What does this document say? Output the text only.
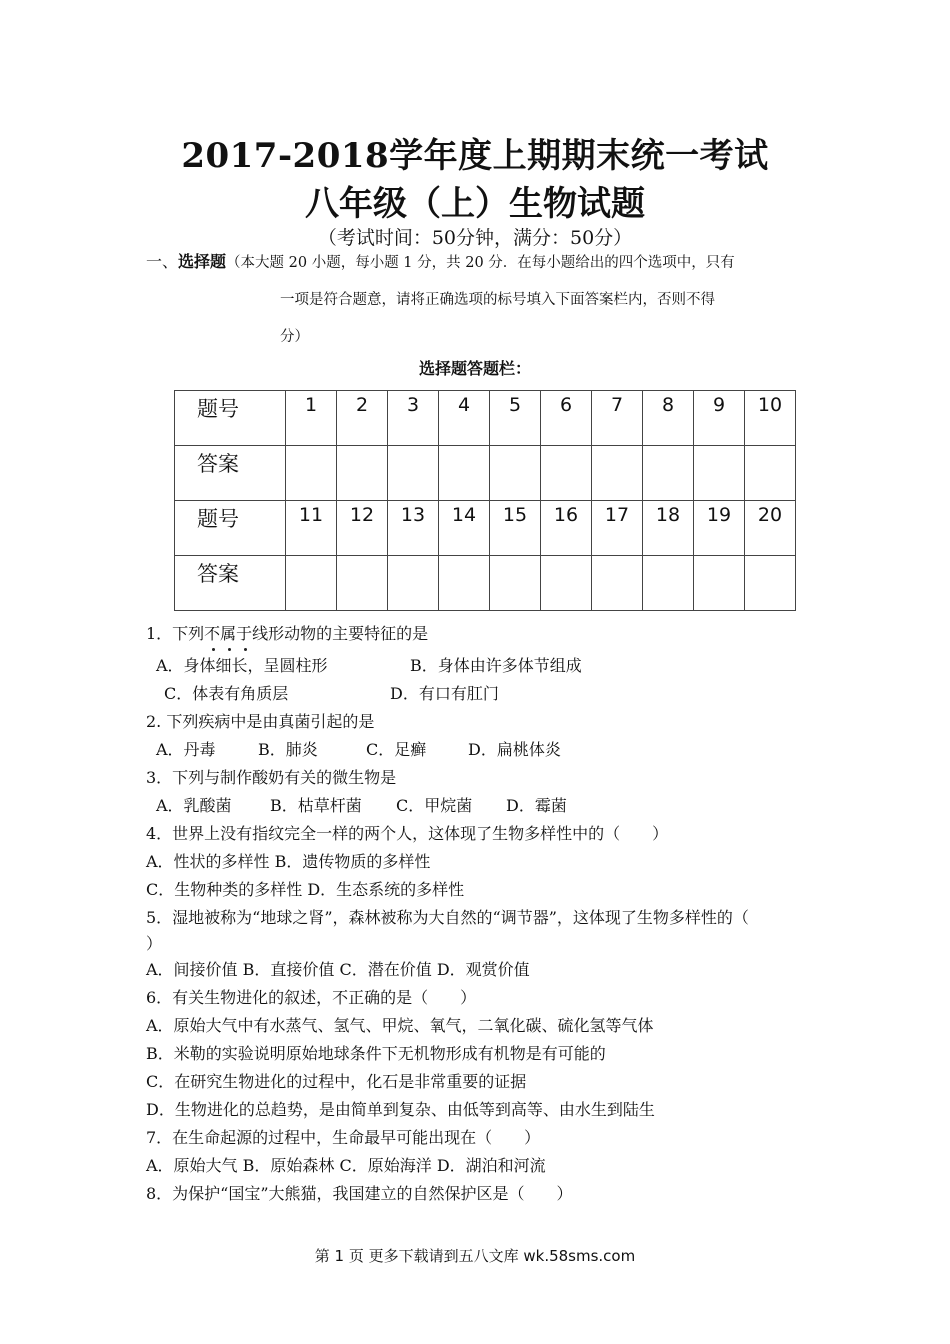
2017-2018学年度上期期末统一考试
八年级（上）生物试题
（考试时间：50分钟，满分：50分）
一、选择题（本大题 20 小题，每小题 1 分，共 20 分．在每小题给出的四个选项中，只有
一项是符合题意，请将正确选项的标号填入下面答案栏内，否则不得
分）
选择题答题栏：
题号	1	2	3	4	5	6	7	8	9	10
答案										
题号	11	12	13	14	15	16	17	18	19	20
答案										
1．下列不属于线形动物的主要特征的是
A．身体细长，呈圆柱形	B．身体由许多体节组成
C．体表有角质层	D．有口有肛门
2. 下列疾病中是由真菌引起的是
A．丹毒	B．肺炎	C．足癣	D．扁桃体炎
3．下列与制作酸奶有关的微生物是
A．乳酸菌 B．枯草杆菌 C．甲烷菌 D．霉菌
4．世界上没有指纹完全一样的两个人，这体现了生物多样性中的（　　）
A．性状的多样性 B．遗传物质的多样性
C．生物种类的多样性 D．生态系统的多样性
5．湿地被称为“地球之肾”，森林被称为大自然的“调节器”，这体现了生物多样性的（
）
A．间接价值 B．直接价值 C．潜在价值 D．观赏价值
6．有关生物进化的叙述，不正确的是（　　）
A．原始大气中有水蒸气、氢气、甲烷、氧气，二氧化碳、硫化氢等气体
B．米勒的实验说明原始地球条件下无机物形成有机物是有可能的
C．在研究生物进化的过程中，化石是非常重要的证据
D．生物进化的总趋势，是由简单到复杂、由低等到高等、由水生到陆生
7．在生命起源的过程中，生命最早可能出现在（　　）
A．原始大气 B．原始森林 C．原始海洋 D．湖泊和河流
8．为保护“国宝”大熊猫，我国建立的自然保护区是（　　）
第 1 页 更多下载请到五八文库 wk.58sms.com
